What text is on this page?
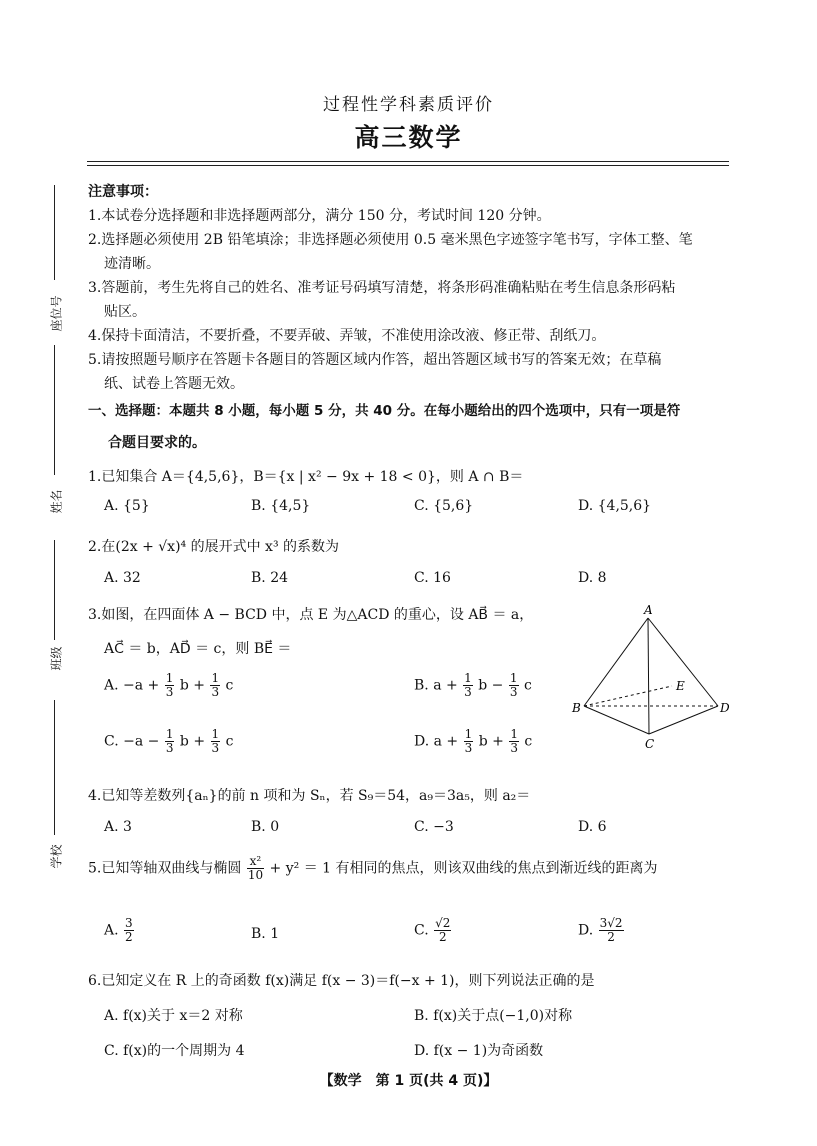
过程性学科素质评价
高三数学
座位号
姓名
班级
学校
注意事项：
1.本试卷分选择题和非选择题两部分，满分 150 分，考试时间 120 分钟。
2.选择题必须使用 2B 铅笔填涂；非选择题必须使用 0.5 毫米黑色字迹签字笔书写，字体工整、笔
迹清晰。
3.答题前，考生先将自己的姓名、准考证号码填写清楚，将条形码准确粘贴在考生信息条形码粘
贴区。
4.保持卡面清洁，不要折叠，不要弄破、弄皱，不准使用涂改液、修正带、刮纸刀。
5.请按照题号顺序在答题卡各题目的答题区域内作答，超出答题区域书写的答案无效；在草稿
纸、试卷上答题无效。
一、选择题：本题共 8 小题，每小题 5 分，共 40 分。在每小题给出的四个选项中，只有一项是符
合题目要求的。
1.已知集合 A＝{4,5,6}，B＝{x | x² − 9x + 18 < 0}，则 A ∩ B＝
A. {5}	B. {4,5}	C. {5,6}	D. {4,5,6}
2.在(2x + √x)⁴ 的展开式中 x³ 的系数为
A. 32	B. 24	C. 16	D. 8
3.如图，在四面体 A − BCD 中，点 E 为△ACD 的重心，设 AB⃗ ＝ a，
AC⃗ ＝ b，AD⃗ ＝ c，则 BE⃗ ＝
A. $-a + \frac{1}{3}$ $b + \frac{1}{3}$ c	B. $a + \frac{1}{3}$ $b - \frac{1}{3}$ c
C. $-a - \frac{1}{3}$ $b + \frac{1}{3}$ c	D. $a + \frac{1}{3}$ $b + \frac{1}{3}$ c
A
B
C
D
E
4.已知等差数列{aₙ}的前 n 项和为 Sₙ，若 S₉＝54，a₉＝3a₅，则 a₂＝
A. 3	B. 0	C. −3	D. 6
5.已知等轴双曲线与椭圆 $\frac{\text{x²}}{10} + y^2 = 1$ 有相同的焦点，则该双曲线的焦点到渐近线的距离为
A. $\frac{3}{2}$	B. 1	C. $\frac{√2}{2}$	D. $\frac{3√2}{2}$
6.已知定义在 R 上的奇函数 f(x)满足 f(x − 3)＝f(−x + 1)，则下列说法正确的是
A. f(x)关于 x＝2 对称	B. f(x)关于点(−1,0)对称
C. f(x)的一个周期为 4	D. f(x − 1)为奇函数
【数学　第 1 页(共 4 页)】
